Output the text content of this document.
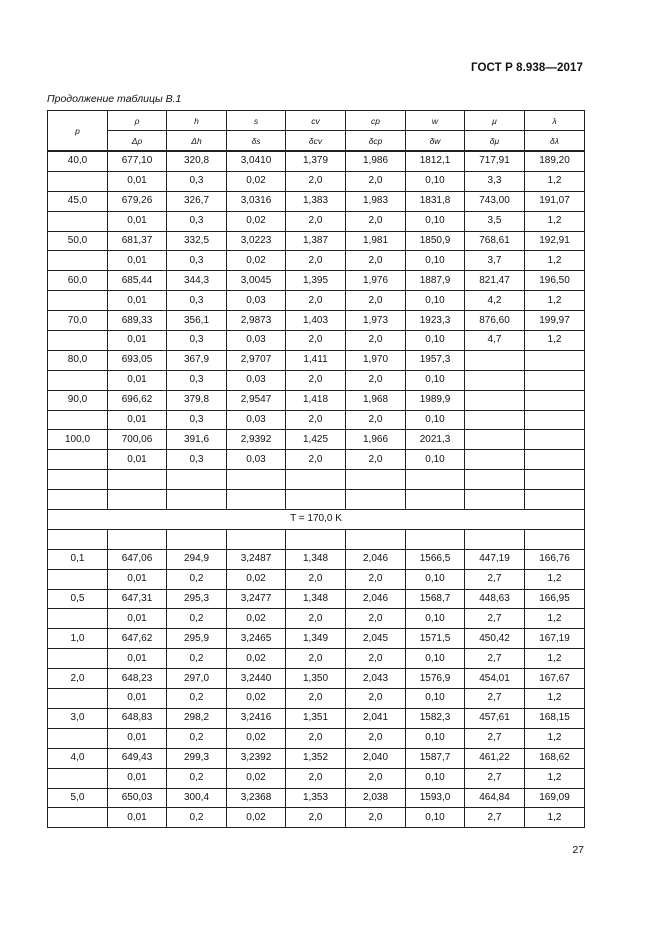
ГОСТ Р 8.938—2017
Продолжение таблицы В.1
p	ρ	h	s	cv	cp	w	μ	λ
	Δρ	Δh	δs	δcv	δcp	δw	δμ	δλ
40,0	677,10	320,8	3,0410	1,379	1,986	1812,1	717,91	189,20
	0,01	0,3	0,02	2,0	2,0	0,10	3,3	1,2
45,0	679,26	326,7	3,0316	1,383	1,983	1831,8	743,00	191,07
	0,01	0,3	0,02	2,0	2,0	0,10	3,5	1,2
50,0	681,37	332,5	3,0223	1,387	1,981	1850,9	768,61	192,91
	0,01	0,3	0,02	2,0	2,0	0,10	3,7	1,2
60,0	685,44	344,3	3,0045	1,395	1,976	1887,9	821,47	196,50
	0,01	0,3	0,03	2,0	2,0	0,10	4,2	1,2
70,0	689,33	356,1	2,9873	1,403	1,973	1923,3	876,60	199,97
	0,01	0,3	0,03	2,0	2,0	0,10	4,7	1,2
80,0	693,05	367,9	2,9707	1,411	1,970	1957,3		
	0,01	0,3	0,03	2,0	2,0	0,10		
90,0	696,62	379,8	2,9547	1,418	1,968	1989,9		
	0,01	0,3	0,03	2,0	2,0	0,10		
100,0	700,06	391,6	2,9392	1,425	1,966	2021,3		
	0,01	0,3	0,03	2,0	2,0	0,10		

T = 170,0 K								

0,1	647,06	294,9	3,2487	1,348	2,046	1566,5	447,19	166,76
	0,01	0,2	0,02	2,0	2,0	0,10	2,7	1,2
0,5	647,31	295,3	3,2477	1,348	2,046	1568,7	448,63	166,95
	0,01	0,2	0,02	2,0	2,0	0,10	2,7	1,2
1,0	647,62	295,9	3,2465	1,349	2,045	1571,5	450,42	167,19
	0,01	0,2	0,02	2,0	2,0	0,10	2,7	1,2
2,0	648,23	297,0	3,2440	1,350	2,043	1576,9	454,01	167,67
	0,01	0,2	0,02	2,0	2,0	0,10	2,7	1,2
3,0	648,83	298,2	3,2416	1,351	2,041	1582,3	457,61	168,15
	0,01	0,2	0,02	2,0	2,0	0,10	2,7	1,2
4,0	649,43	299,3	3,2392	1,352	2,040	1587,7	461,22	168,62
	0,01	0,2	0,02	2,0	2,0	0,10	2,7	1,2
5,0	650,03	300,4	3,2368	1,353	2,038	1593,0	464,84	169,09
	0,01	0,2	0,02	2,0	2,0	0,10	2,7	1,2
27
